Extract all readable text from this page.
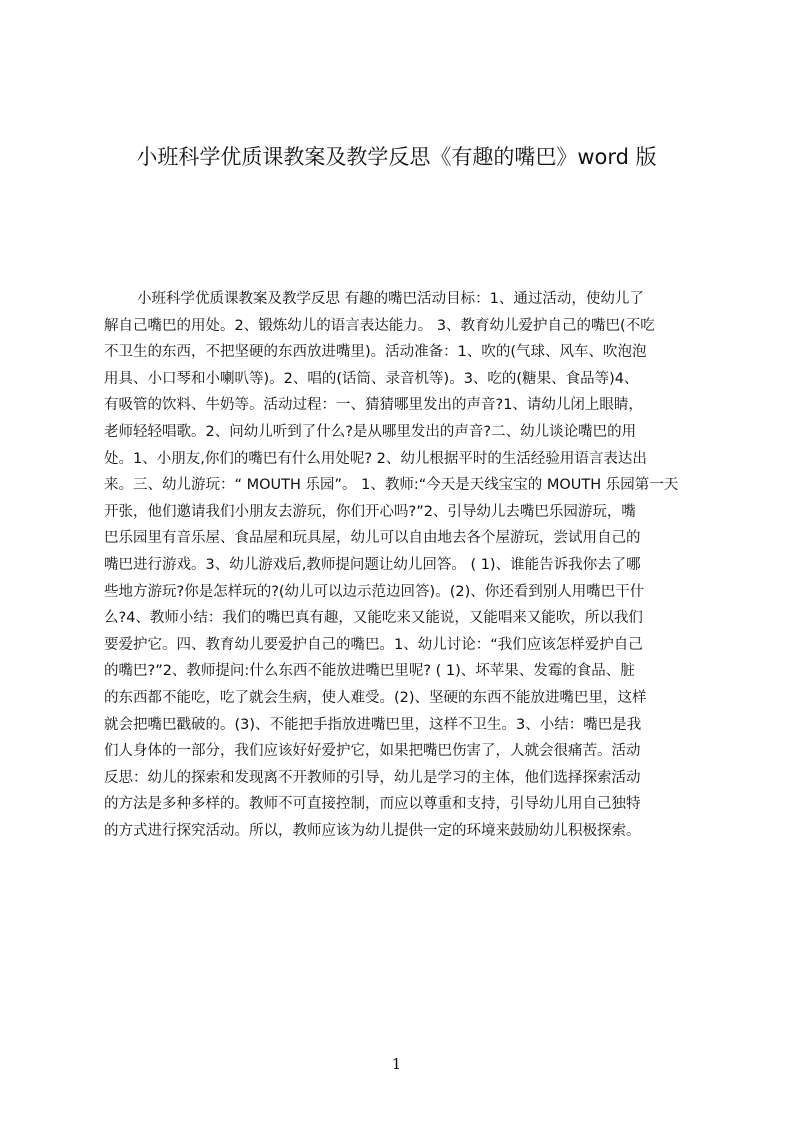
小班科学优质课教案及教学反思《有趣的嘴巴》word 版
小班科学优质课教案及教学反思 有趣的嘴巴活动目标：1、通过活动，使幼儿了
解自己嘴巴的用处。2、锻炼幼儿的语言表达能力。 3、教育幼儿爱护自己的嘴巴(不吃
不卫生的东西，不把坚硬的东西放进嘴里)。活动准备：1、吹的(气球、风车、吹泡泡
用具、小口琴和小喇叭等)。2、唱的(话筒、录音机等)。3、吃的(糖果、食品等)4、
有吸管的饮料、牛奶等。活动过程：一、猜猜哪里发出的声音?1、请幼儿闭上眼睛，
老师轻轻唱歌。2、问幼儿听到了什么?是从哪里发出的声音?二、幼儿谈论嘴巴的用
处。1、小朋友,你们的嘴巴有什么用处呢? 2、幼儿根据平时的生活经验用语言表达出
来。三、幼儿游玩：“ MOUTH 乐园”。 1、教师:“今天是天线宝宝的 MOUTH 乐园第一天
开张，他们邀请我们小朋友去游玩，你们开心吗?”2、引导幼儿去嘴巴乐园游玩，嘴
巴乐园里有音乐屋、食品屋和玩具屋，幼儿可以自由地去各个屋游玩，尝试用自己的
嘴巴进行游戏。3、幼儿游戏后,教师提问题让幼儿回答。 ( 1)、谁能告诉我你去了哪
些地方游玩?你是怎样玩的?(幼儿可以边示范边回答)。(2)、你还看到别人用嘴巴干什
么?4、教师小结：我们的嘴巴真有趣，又能吃来又能说，又能唱来又能吹，所以我们
要爱护它。四、教育幼儿要爱护自己的嘴巴。1、幼儿讨论：“我们应该怎样爱护自己
的嘴巴?”2、教师提问:什么东西不能放进嘴巴里呢? ( 1)、坏苹果、发霉的食品、脏
的东西都不能吃，吃了就会生病，使人难受。(2)、坚硬的东西不能放进嘴巴里，这样
就会把嘴巴戳破的。(3)、不能把手指放进嘴巴里，这样不卫生。3、小结：嘴巴是我
们人身体的一部分，我们应该好好爱护它，如果把嘴巴伤害了，人就会很痛苦。活动
反思：幼儿的探索和发现离不开教师的引导，幼儿是学习的主体，他们选择探索活动
的方法是多种多样的。教师不可直接控制，而应以尊重和支持，引导幼儿用自己独特
的方式进行探究活动。所以，教师应该为幼儿提供一定的环境来鼓励幼儿积极探索。
1
